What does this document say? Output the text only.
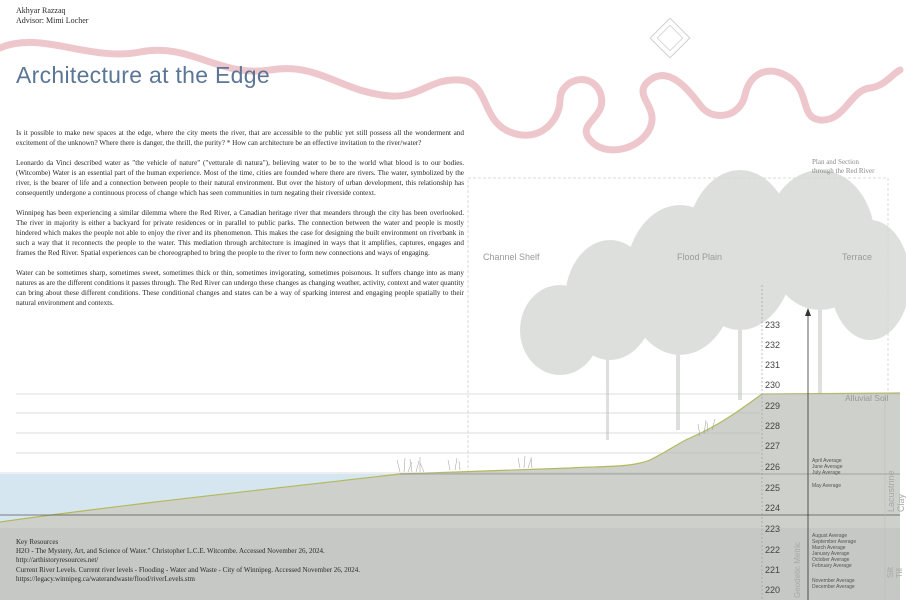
Akhyar Razzaq
Advisor: Mimi Locher
Architecture at the Edge

Is it possible to make new spaces at the edge, where the city meets the river, that are accessible to the public yet still possess all the wonderment and excitement of the unknown? Where there is danger, the thrill, the purity? * How can architecture be an effective invitation to the river/water?

Leonardo da Vinci described water as "the vehicle of nature" ("vetturale di natura"), believing water to be to the world what blood is to our bodies. (Witcombe) Water is an essential part of the human experience. Most of the time, cities are founded where there are rivers. The water, symbolized by the river, is the bearer of life and a connection between people to their natural environment. But over the history of urban development, this relationship has consequently undergone a continuous process of change which has seen communities in turn negating their riverside context.

Winnipeg has been experiencing a similar dilemma where the Red River, a Canadian heritage river that meanders through the city has been overlooked. The river in majority is either a backyard for private residences or in parallel to public parks. The connection between the water and people is mostly hindered which makes the people not able to enjoy the river and its phenomenon. This makes the case for designing the built environment on riverbank in such a way that it reconnects the people to the water. This mediation through architecture is imagined in ways that it amplifies, captures, engages and frames the Red River. Spatial experiences can be choreographed to bring the people to the river to form new connections and ways of engaging.

Water can be sometimes sharp, sometimes sweet, sometimes thick or thin, sometimes invigorating, sometimes poisonous. It suffers change into as many natures as are the different conditions it passes through. The Red River can undergo these changes as changing weather, activity, context and water quantity can bring about these different conditions. These conditional changes and states can be a way of sparking interest and engaging people spatially to their natural environment and contexts.

Plan and Section
through the Red River
Channel Shelf	Flood Plain	Terrace
Alluvial Soil
Lacustrine Clay
Silt Till
Geodetic Metric
233
232
231
230
229
228
227
226
225
224
223
222
221
220
April Average
June Average
July Average
May Average
August Average
September Average
March Average
January Average
October Average
February Average
November Average
December Average
Key Resources
H2O - The Mystery, Art, and Science of Water." Christopher L.C.E. Witcombe. Accessed November 26, 2024.
http://arthistoryresources.net/
Current River Levels. Current river levels - Flooding - Water and Waste - City of Winnipeg. Accessed November 26, 2024.
https://legacy.winnipeg.ca/waterandwaste/flood/riverLevels.stm
